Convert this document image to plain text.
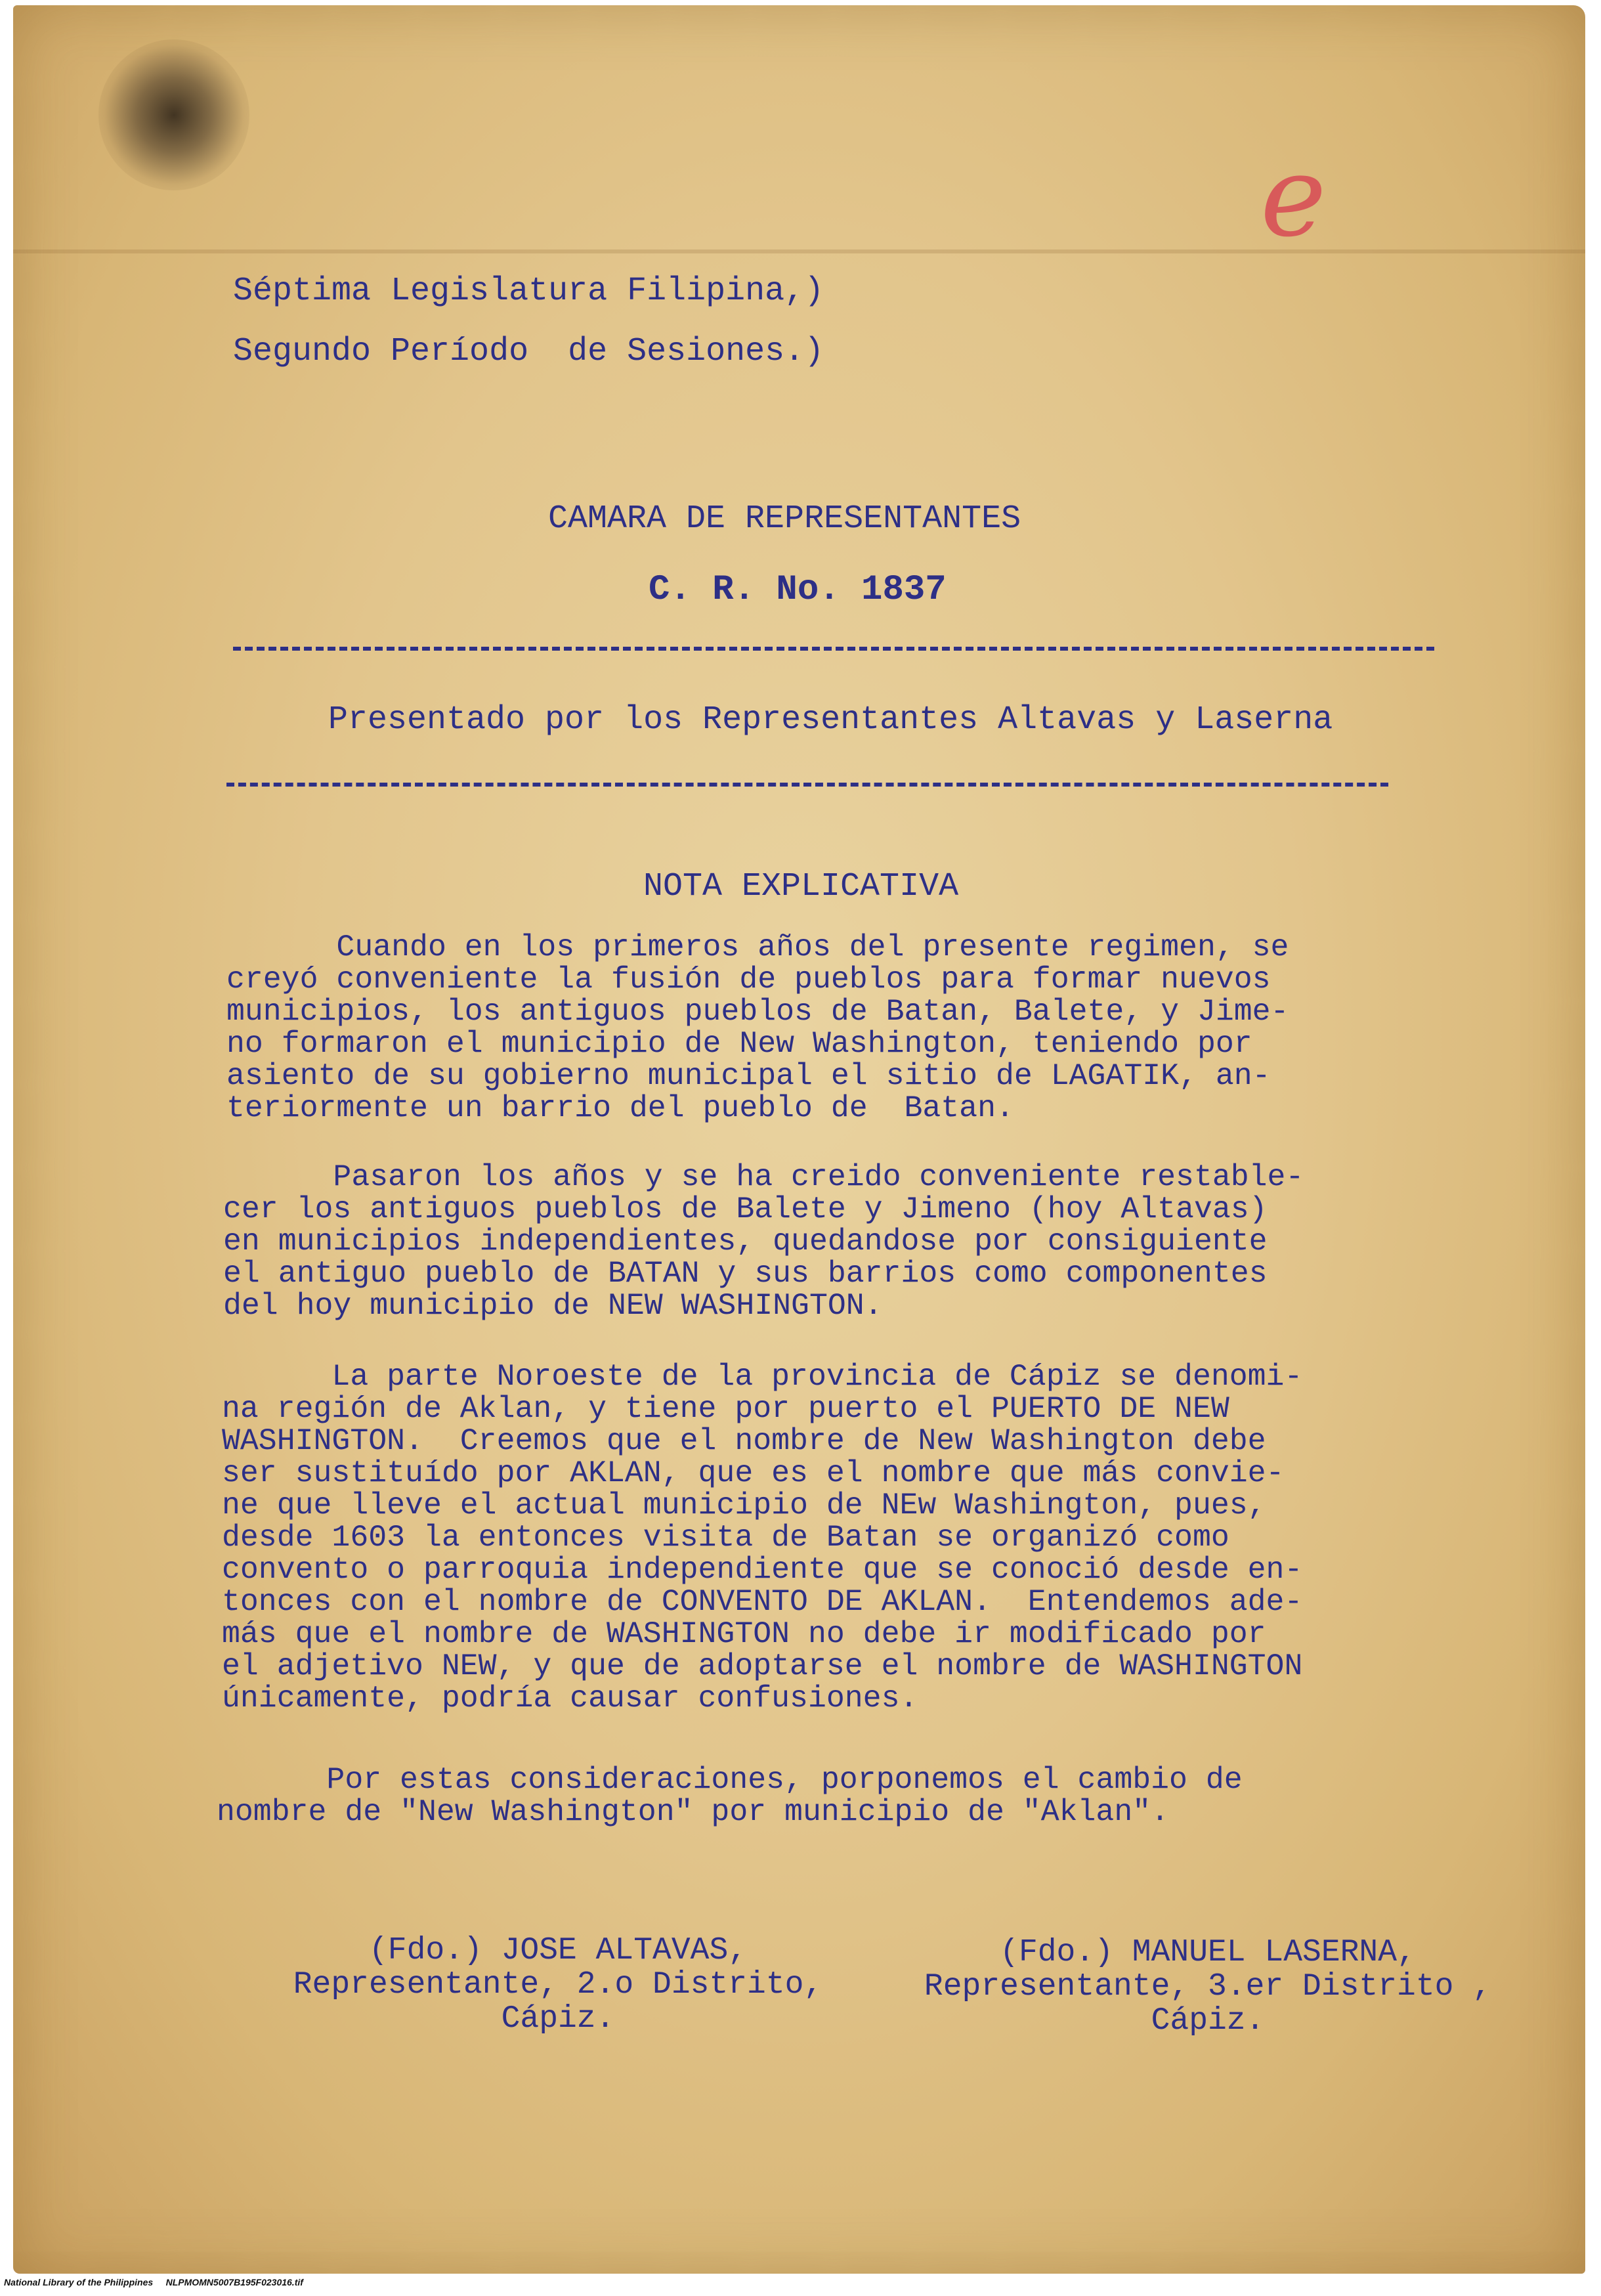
e
Séptima Legislatura Filipina,)
Segundo Período  de Sesiones.)
CAMARA DE REPRESENTANTES
C. R. No. 1837
Presentado por los Representantes Altavas y Laserna
NOTA EXPLICATIVA
Cuando en los primeros años del presente regimen, se
creyó conveniente la fusión de pueblos para formar nuevos
municipios, los antiguos pueblos de Batan, Balete, y Jime-
no formaron el municipio de New Washington, teniendo por
asiento de su gobierno municipal el sitio de LAGATIK, an-
teriormente un barrio del pueblo de  Batan.
Pasaron los años y se ha creido conveniente restable-
cer los antiguos pueblos de Balete y Jimeno (hoy Altavas)
en municipios independientes, quedandose por consiguiente
el antiguo pueblo de BATAN y sus barrios como componentes
del hoy municipio de NEW WASHINGTON.
La parte Noroeste de la provincia de Cápiz se denomi-
na región de Aklan, y tiene por puerto el PUERTO DE NEW
WASHINGTON.  Creemos que el nombre de New Washington debe
ser sustituído por AKLAN, que es el nombre que más convie-
ne que lleve el actual municipio de NEw Washington, pues,
desde 1603 la entonces visita de Batan se organizó como
convento o parroquia independiente que se conoció desde en-
tonces con el nombre de CONVENTO DE AKLAN.  Entendemos ade-
más que el nombre de WASHINGTON no debe ir modificado por
el adjetivo NEW, y que de adoptarse el nombre de WASHINGTON
únicamente, podría causar confusiones.
Por estas consideraciones, porponemos el cambio de
nombre de "New Washington" por municipio de "Aklan".
(Fdo.) JOSE ALTAVAS,
Representante, 2.o Distrito,
Cápiz.
(Fdo.) MANUEL LASERNA,
Representante, 3.er Distrito ,
Cápiz.
National Library of the Philippines NLPMOMN5007B195F023016.tif
